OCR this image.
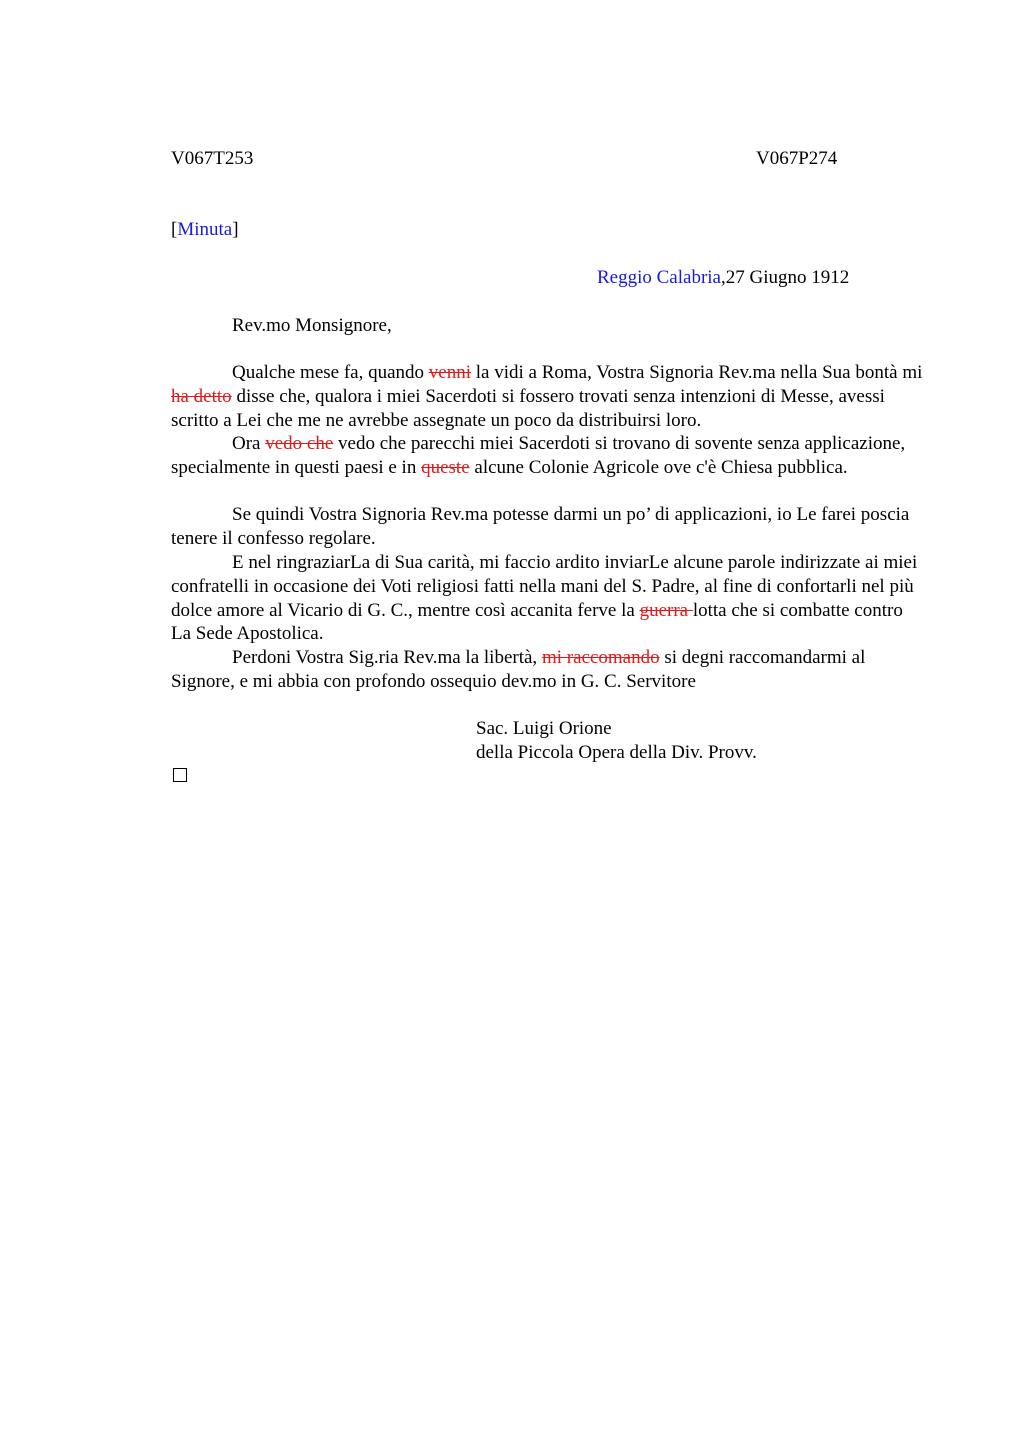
V067T253	V067P274
[Minuta]
Reggio Calabria,27 Giugno 1912
Rev.mo Monsignore,

Qualche mese fa, quando venni la vidi a Roma, Vostra Signoria Rev.ma nella Sua bontà mi ha detto disse che, qualora i miei Sacerdoti si fossero trovati senza intenzioni di Messe, avessi scritto a Lei che me ne avrebbe assegnate un poco da distribuirsi loro.

Ora vedo che vedo che parecchi miei Sacerdoti si trovano di sovente senza applicazione, specialmente in questi paesi e in queste alcune Colonie Agricole ove c'è Chiesa pubblica.

Se quindi Vostra Signoria Rev.ma potesse darmi un po’ di applicazioni, io Le farei poscia tenere il confesso regolare.

E nel ringraziarLa di Sua carità, mi faccio ardito inviarLe alcune parole indirizzate ai miei confratelli in occasione dei Voti religiosi fatti nella mani del S. Padre, al fine di confortarli nel più dolce amore al Vicario di G. C., mentre così accanita ferve la guerra lotta che si combatte contro La Sede Apostolica.

Perdoni Vostra Sig.ria Rev.ma la libertà, mi raccomando si degni raccomandarmi al Signore, e mi abbia con profondo ossequio dev.mo in G. C. Servitore

Sac. Luigi Orione
della Piccola Opera della Div. Provv.
